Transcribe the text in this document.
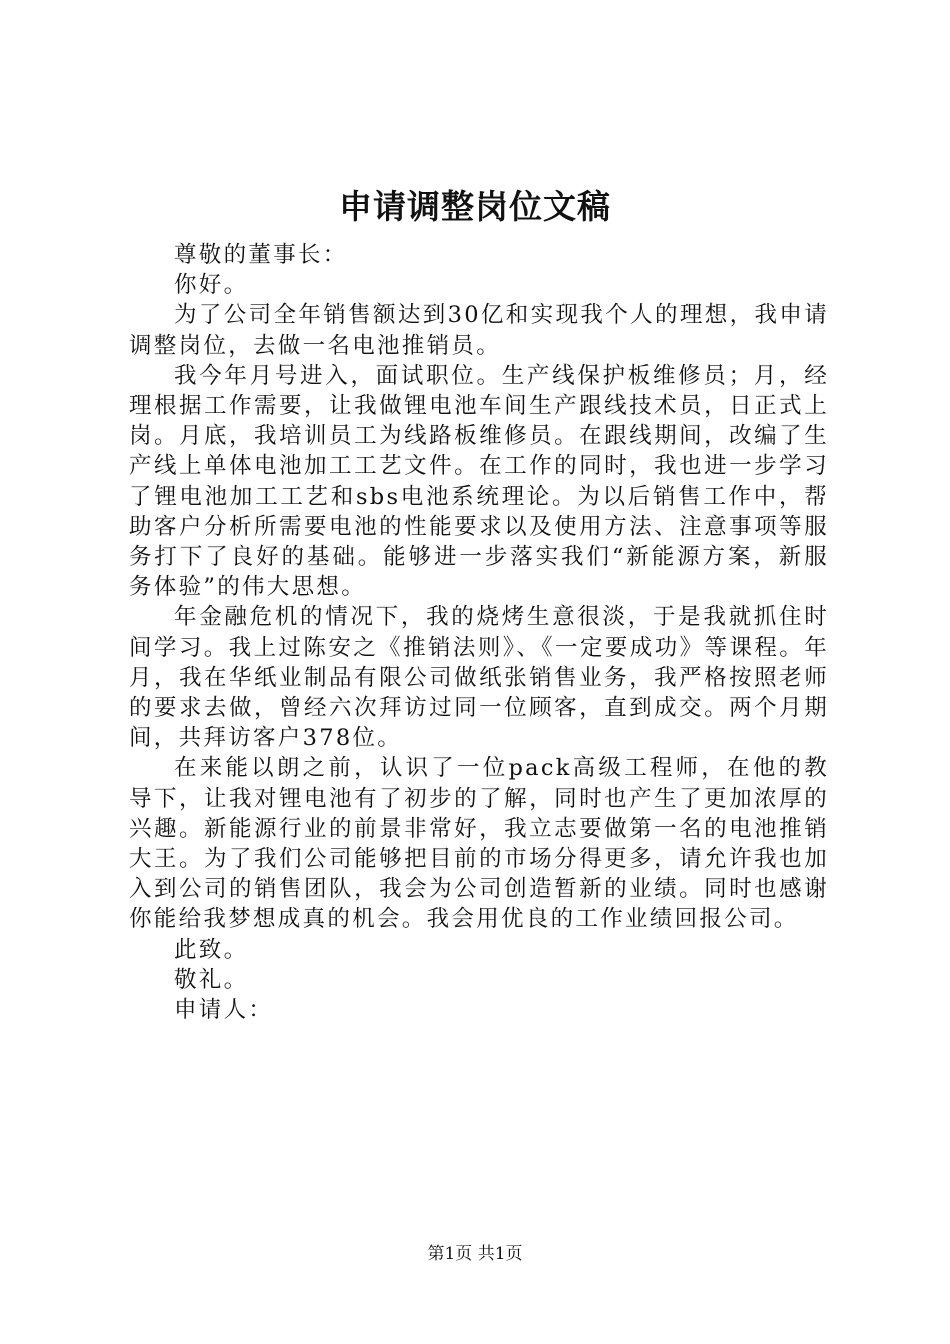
申请调整岗位文稿

尊敬的董事长：

你好。

为了公司全年销售额达到30亿和实现我个人的理想，我申请调整岗位，去做一名电池推销员。

我今年月号进入，面试职位。生产线保护板维修员；月，经理根据工作需要，让我做锂电池车间生产跟线技术员，日正式上岗。月底，我培训员工为线路板维修员。在跟线期间，改编了生产线上单体电池加工工艺文件。在工作的同时，我也进一步学习了锂电池加工工艺和sbs电池系统理论。为以后销售工作中，帮助客户分析所需要电池的性能要求以及使用方法、注意事项等服务打下了良好的基础。能够进一步落实我们“新能源方案，新服务体验”的伟大思想。

年金融危机的情况下，我的烧烤生意很淡，于是我就抓住时间学习。我上过陈安之《推销法则》、《一定要成功》等课程。年月，我在华纸业制品有限公司做纸张销售业务，我严格按照老师的要求去做，曾经六次拜访过同一位顾客，直到成交。两个月期间，共拜访客户378位。

在来能以朗之前，认识了一位pack高级工程师，在他的教导下，让我对锂电池有了初步的了解，同时也产生了更加浓厚的兴趣。新能源行业的前景非常好，我立志要做第一名的电池推销大王。为了我们公司能够把目前的市场分得更多，请允许我也加入到公司的销售团队，我会为公司创造暂新的业绩。同时也感谢你能给我梦想成真的机会。我会用优良的工作业绩回报公司。

此致。

敬礼。

申请人：

第1页 共1页
